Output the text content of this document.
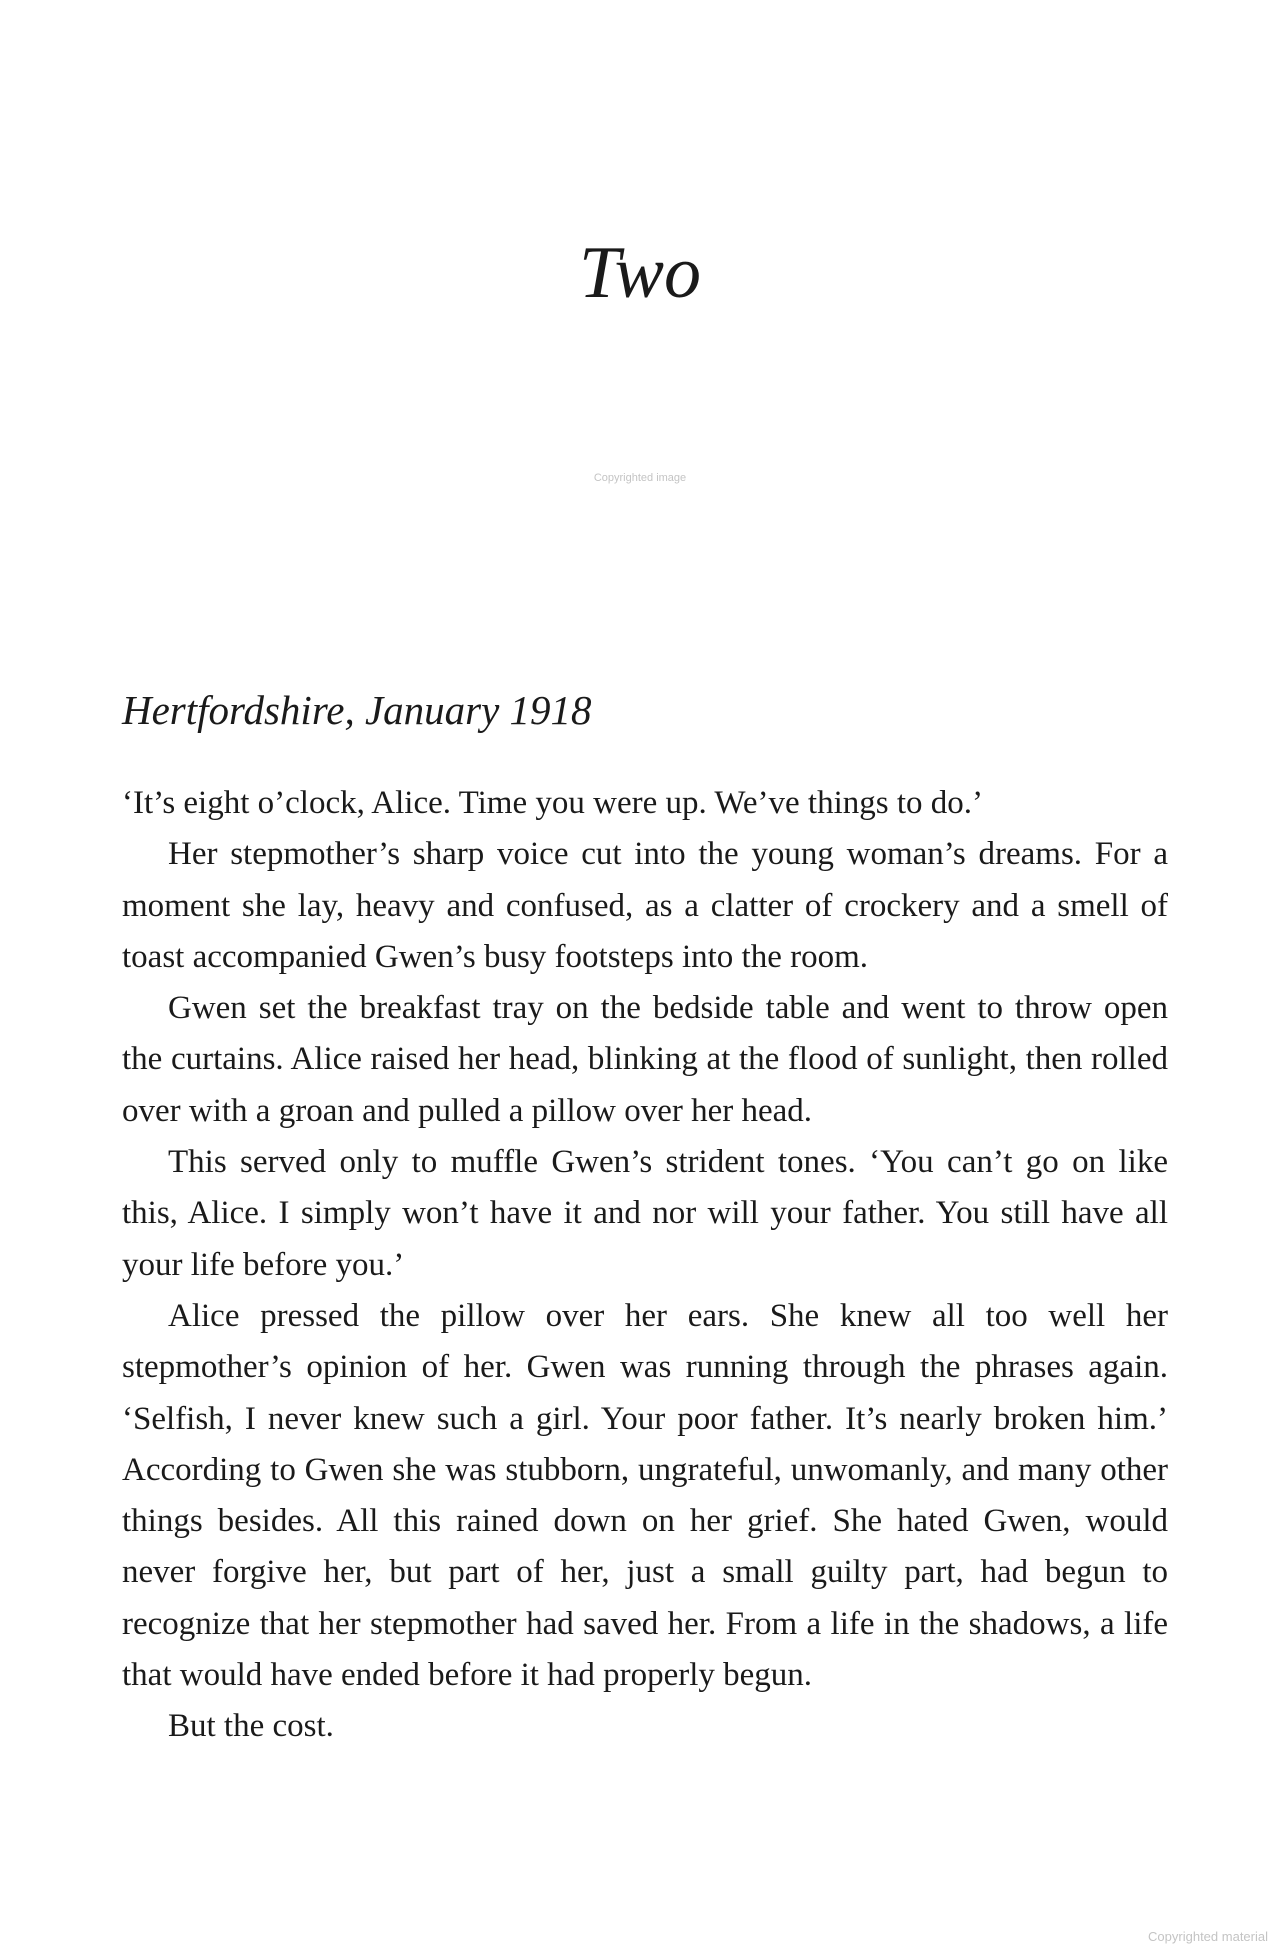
Two
Copyrighted image
Hertfordshire, January 1918

‘It’s eight o’clock, Alice. Time you were up. We’ve things to do.’

Her stepmother’s sharp voice cut into the young woman’s dreams. For a moment she lay, heavy and confused, as a clatter of crockery and a smell of toast accompanied Gwen’s busy footsteps into the room.

Gwen set the breakfast tray on the bedside table and went to throw open the curtains. Alice raised her head, blinking at the flood of sunlight, then rolled over with a groan and pulled a pillow over her head.

This served only to muffle Gwen’s strident tones. ‘You can’t go on like this, Alice. I simply won’t have it and nor will your father. You still have all your life before you.’

Alice pressed the pillow over her ears. She knew all too well her stepmother’s opinion of her. Gwen was running through the phrases again. ‘Selfish, I never knew such a girl. Your poor father. It’s nearly broken him.’ According to Gwen she was stubborn, ungrateful, unwomanly, and many other things besides. All this rained down on her grief. She hated Gwen, would never forgive her, but part of her, just a small guilty part, had begun to recognize that her stepmother had saved her. From a life in the shadows, a life that would have ended before it had properly begun.

But the cost.

Copyrighted material
